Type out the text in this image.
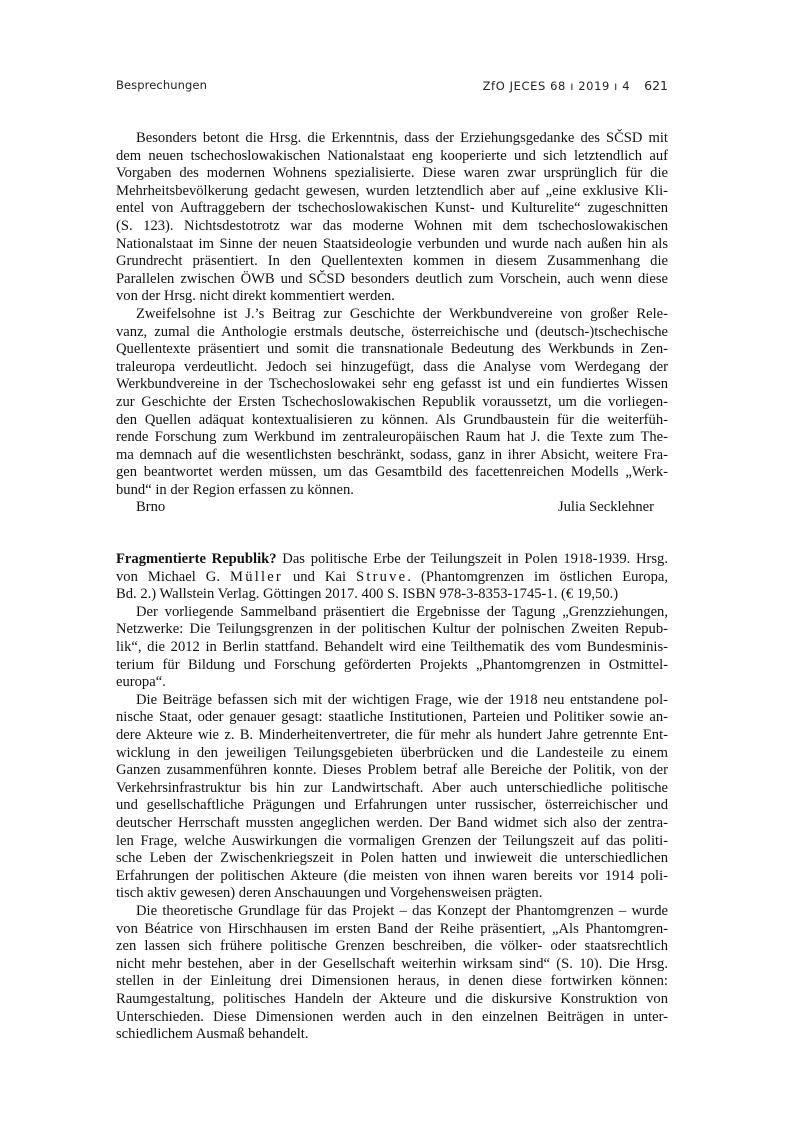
Besprechungen	ZfO JECES 68 ı 2019 ı 4 621
Besonders betont die Hrsg. die Erkenntnis, dass der Erziehungsgedanke des SČSD mit
dem neuen tschechoslowakischen Nationalstaat eng kooperierte und sich letztendlich auf
Vorgaben des modernen Wohnens spezialisierte. Diese waren zwar ursprünglich für die
Mehrheitsbevölkerung gedacht gewesen, wurden letztendlich aber auf „eine exklusive Kli-
entel von Auftraggebern der tschechoslowakischen Kunst- und Kulturelite“ zugeschnitten
(S. 123). Nichtsdestotrotz war das moderne Wohnen mit dem tschechoslowakischen
Nationalstaat im Sinne der neuen Staatsideologie verbunden und wurde nach außen hin als
Grundrecht präsentiert. In den Quellentexten kommen in diesem Zusammenhang die
Parallelen zwischen ÖWB und SČSD besonders deutlich zum Vorschein, auch wenn diese
von der Hrsg. nicht direkt kommentiert werden.
Zweifelsohne ist J.’s Beitrag zur Geschichte der Werkbundvereine von großer Rele-
vanz, zumal die Anthologie erstmals deutsche, österreichische und (deutsch-)tschechische
Quellentexte präsentiert und somit die transnationale Bedeutung des Werkbunds in Zen-
traleuropa verdeutlicht. Jedoch sei hinzugefügt, dass die Analyse vom Werdegang der
Werkbundvereine in der Tschechoslowakei sehr eng gefasst ist und ein fundiertes Wissen
zur Geschichte der Ersten Tschechoslowakischen Republik voraussetzt, um die vorliegen-
den Quellen adäquat kontextualisieren zu können. Als Grundbaustein für die weiterfüh-
rende Forschung zum Werkbund im zentraleuropäischen Raum hat J. die Texte zum The-
ma demnach auf die wesentlichsten beschränkt, sodass, ganz in ihrer Absicht, weitere Fra-
gen beantwortet werden müssen, um das Gesamtbild des facettenreichen Modells „Werk-
bund“ in der Region erfassen zu können.
Brno	Julia Secklehner
Fragmentierte Republik? Das politische Erbe der Teilungszeit in Polen 1918-1939. Hrsg.
von Michael G. Müller und Kai Struve. (Phantomgrenzen im östlichen Europa,
Bd. 2.) Wallstein Verlag. Göttingen 2017. 400 S. ISBN 978-3-8353-1745-1. (€ 19,50.)
Der vorliegende Sammelband präsentiert die Ergebnisse der Tagung „Grenzziehungen,
Netzwerke: Die Teilungsgrenzen in der politischen Kultur der polnischen Zweiten Repub-
lik“, die 2012 in Berlin stattfand. Behandelt wird eine Teilthematik des vom Bundesminis-
terium für Bildung und Forschung geförderten Projekts „Phantomgrenzen in Ostmittel-
europa“.
Die Beiträge befassen sich mit der wichtigen Frage, wie der 1918 neu entstandene pol-
nische Staat, oder genauer gesagt: staatliche Institutionen, Parteien und Politiker sowie an-
dere Akteure wie z. B. Minderheitenvertreter, die für mehr als hundert Jahre getrennte Ent-
wicklung in den jeweiligen Teilungsgebieten überbrücken und die Landesteile zu einem
Ganzen zusammenführen konnte. Dieses Problem betraf alle Bereiche der Politik, von der
Verkehrsinfrastruktur bis hin zur Landwirtschaft. Aber auch unterschiedliche politische
und gesellschaftliche Prägungen und Erfahrungen unter russischer, österreichischer und
deutscher Herrschaft mussten angeglichen werden. Der Band widmet sich also der zentra-
len Frage, welche Auswirkungen die vormaligen Grenzen der Teilungszeit auf das politi-
sche Leben der Zwischenkriegszeit in Polen hatten und inwieweit die unterschiedlichen
Erfahrungen der politischen Akteure (die meisten von ihnen waren bereits vor 1914 poli-
tisch aktiv gewesen) deren Anschauungen und Vorgehensweisen prägten.
Die theoretische Grundlage für das Projekt – das Konzept der Phantomgrenzen – wurde
von Béatrice von Hirschhausen im ersten Band der Reihe präsentiert, „Als Phantomgren-
zen lassen sich frühere politische Grenzen beschreiben, die völker- oder staatsrechtlich
nicht mehr bestehen, aber in der Gesellschaft weiterhin wirksam sind“ (S. 10). Die Hrsg.
stellen in der Einleitung drei Dimensionen heraus, in denen diese fortwirken können:
Raumgestaltung, politisches Handeln der Akteure und die diskursive Konstruktion von
Unterschieden. Diese Dimensionen werden auch in den einzelnen Beiträgen in unter-
schiedlichem Ausmaß behandelt.
